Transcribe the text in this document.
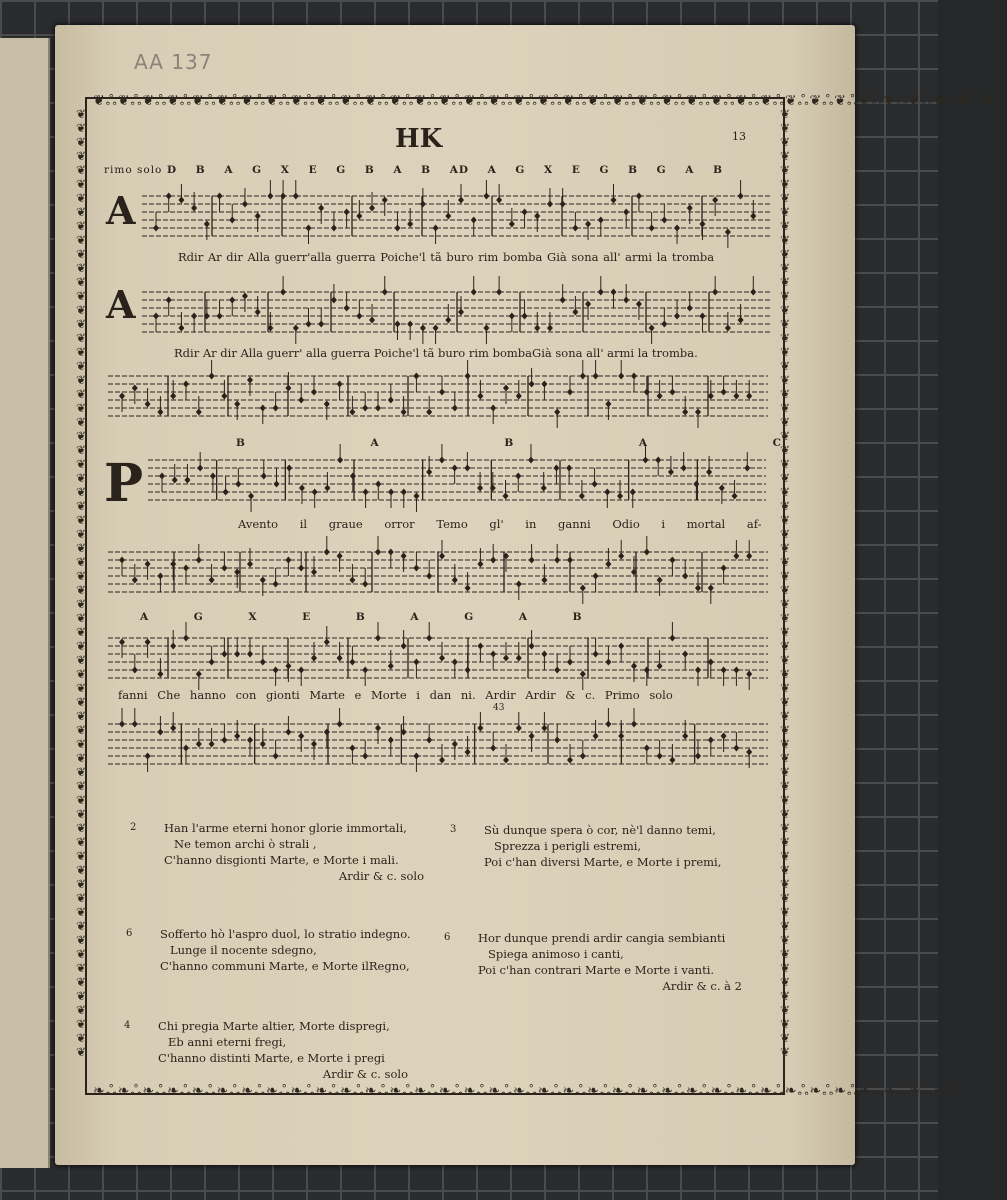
AA 137
❦ஃ❦ஃ❦ஃ❦ஃ❦ஃ❦ஃ❦ஃ❦ஃ❦ஃ❦ஃ❦ஃ❦ஃ❦ஃ❦ஃ❦ஃ❦ஃ❦ஃ❦ஃ❦ஃ❦ஃ❦ஃ❦ஃ❦ஃ❦ஃ❦ஃ❦ஃ❦ஃ❦ஃ❦ஃ❦ஃ❦ஃ❦ஃ❦ஃ❦ஃ❦ஃ❦ஃ❦ஃ
❧ஃ❧ஃ❧ஃ❧ஃ❧ஃ❧ஃ❧ஃ❧ஃ❧ஃ❧ஃ❧ஃ❧ஃ❧ஃ❧ஃ❧ஃ❧ஃ❧ஃ❧ஃ❧ஃ❧ஃ❧ஃ❧ஃ❧ஃ❧ஃ❧ஃ❧ஃ❧ஃ❧ஃ❧ஃ❧ஃ❧ஃ❧ஃ❧ஃ❧ஃ❧ஃ
❦ ❦ ❦ ❦ ❦ ❦ ❦ ❦ ❦ ❦ ❦ ❦ ❦ ❦ ❦ ❦ ❦ ❦ ❦ ❦ ❦ ❦ ❦ ❦ ❦ ❦ ❦ ❦ ❦ ❦ ❦ ❦ ❦ ❦ ❦ ❦ ❦ ❦ ❦ ❦ ❦ ❦ ❦ ❦ ❦ ❦ ❦ ❦ ❦ ❦ ❦ ❦ ❦ ❦ ❦ ❦ ❦ ❦ ❦ ❦ ❦ ❦ ❦ ❦ ❦ ❦ ❦ ❦
❦ ❦ ❦ ❦ ❦ ❦ ❦ ❦ ❦ ❦ ❦ ❦ ❦ ❦ ❦ ❦ ❦ ❦ ❦ ❦ ❦ ❦ ❦ ❦ ❦ ❦ ❦ ❦ ❦ ❦ ❦ ❦ ❦ ❦ ❦ ❦ ❦ ❦ ❦ ❦ ❦ ❦ ❦ ❦ ❦ ❦ ❦ ❦ ❦ ❦ ❦ ❦ ❦ ❦ ❦ ❦ ❦ ❦ ❦ ❦ ❦ ❦ ❦ ❦ ❦ ❦ ❦ ❦
HK	13
rimo solo D B A G X E G B A B AD A G X E G B G A B
B A B A C
A G X E B A G A B
A
A
P
Rdir Ar dir Alla guerr'alla guerra Poiche'l tã buro rim bomba Già sona all' armi la tromba
Rdir Ar dir Alla guerr' alla guerra Poiche'l tã buro rim bombaGià sona all' armi la tromba.
Avento il graue orror Temo gl' in ganni Odio i mortal af-
fanni Che hanno con gionti Marte e Morte i dan ni. Ardir Ardir & c. Primo solo
43
2 Han l'arme eterni honor glorie immortali,

Ne temon archi ò strali ,

C'hanno disgionti Marte, e Morte i mali.

Ardir & c. solo

3 Sù dunque spera ò cor, nè'l danno temi,

Sprezza i perigli estremi,

Poi c'han diversi Marte, e Morte i premi,

6 Sofferto hò l'aspro duol, lo stratio indegno.

Lunge il nocente sdegno,

C'hanno communi Marte, e Morte ilRegno,

6 Hor dunque prendi ardir cangia sembianti

Spiega animoso i canti,

Poi c'han contrari Marte e Morte i vanti.

Ardir & c. à 2

4 Chi pregia Marte altier, Morte dispregi,

Eb anni eterni fregi,

C'hanno distinti Marte, e Morte i pregi

Ardir & c. solo
